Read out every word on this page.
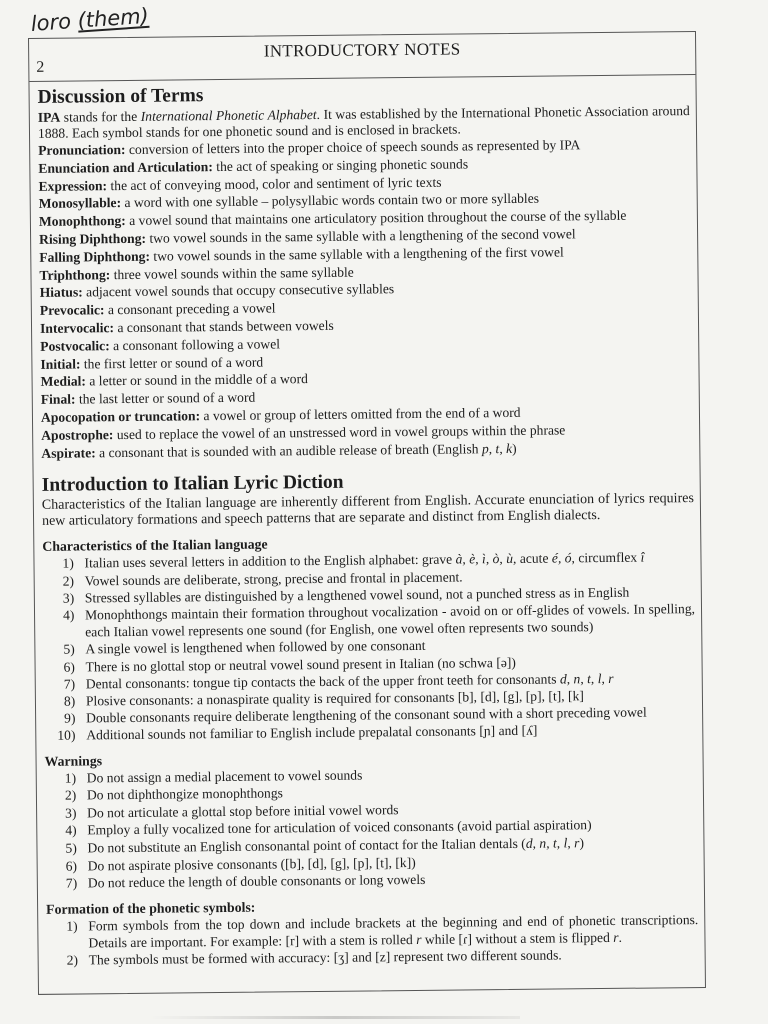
loro (them)
2
INTRODUCTORY NOTES
Discussion of Terms
IPA stands for the International Phonetic Alphabet. It was established by the International Phonetic Association around 1888. Each symbol stands for one phonetic sound and is enclosed in brackets.
Pronunciation: conversion of letters into the proper choice of speech sounds as represented by IPA
Enunciation and Articulation: the act of speaking or singing phonetic sounds
Expression: the act of conveying mood, color and sentiment of lyric texts
Monosyllable: a word with one syllable – polysyllabic words contain two or more syllables
Monophthong: a vowel sound that maintains one articulatory position throughout the course of the syllable
Rising Diphthong: two vowel sounds in the same syllable with a lengthening of the second vowel
Falling Diphthong: two vowel sounds in the same syllable with a lengthening of the first vowel
Triphthong: three vowel sounds within the same syllable
Hiatus: adjacent vowel sounds that occupy consecutive syllables
Prevocalic: a consonant preceding a vowel
Intervocalic: a consonant that stands between vowels
Postvocalic: a consonant following a vowel
Initial: the first letter or sound of a word
Medial: a letter or sound in the middle of a word
Final: the last letter or sound of a word
Apocopation or truncation: a vowel or group of letters omitted from the end of a word
Apostrophe: used to replace the vowel of an unstressed word in vowel groups within the phrase
Aspirate: a consonant that is sounded with an audible release of breath (English p, t, k)
Introduction to Italian Lyric Diction

Characteristics of the Italian language are inherently different from English. Accurate enunciation of lyrics requires new articulatory formations and speech patterns that are separate and distinct from English dialects.

Characteristics of the Italian language
1) Italian uses several letters in addition to the English alphabet: grave à, è, ì, ò, ù, acute é, ó, circumflex î
2) Vowel sounds are deliberate, strong, precise and frontal in placement.
3) Stressed syllables are distinguished by a lengthened vowel sound, not a punched stress as in English
4) Monophthongs maintain their formation throughout vocalization - avoid on or off-glides of vowels. In spelling, each Italian vowel represents one sound (for English, one vowel often represents two sounds)
5) A single vowel is lengthened when followed by one consonant
6) There is no glottal stop or neutral vowel sound present in Italian (no schwa [ə])
7) Dental consonants: tongue tip contacts the back of the upper front teeth for consonants d, n, t, l, r
8) Plosive consonants: a nonaspirate quality is required for consonants [b], [d], [g], [p], [t], [k]
9) Double consonants require deliberate lengthening of the consonant sound with a short preceding vowel
10) Additional sounds not familiar to English include prepalatal consonants [ɲ] and [ʎ]
Warnings
1) Do not assign a medial placement to vowel sounds
2) Do not diphthongize monophthongs
3) Do not articulate a glottal stop before initial vowel words
4) Employ a fully vocalized tone for articulation of voiced consonants (avoid partial aspiration)
5) Do not substitute an English consonantal point of contact for the Italian dentals (d, n, t, l, r)
6) Do not aspirate plosive consonants ([b], [d], [g], [p], [t], [k])
7) Do not reduce the length of double consonants or long vowels
Formation of the phonetic symbols:
1) Form symbols from the top down and include brackets at the beginning and end of phonetic transcriptions. Details are important. For example: [r] with a stem is rolled r while [ɾ] without a stem is flipped r.
2) The symbols must be formed with accuracy: [ʒ] and [z] represent two different sounds.
